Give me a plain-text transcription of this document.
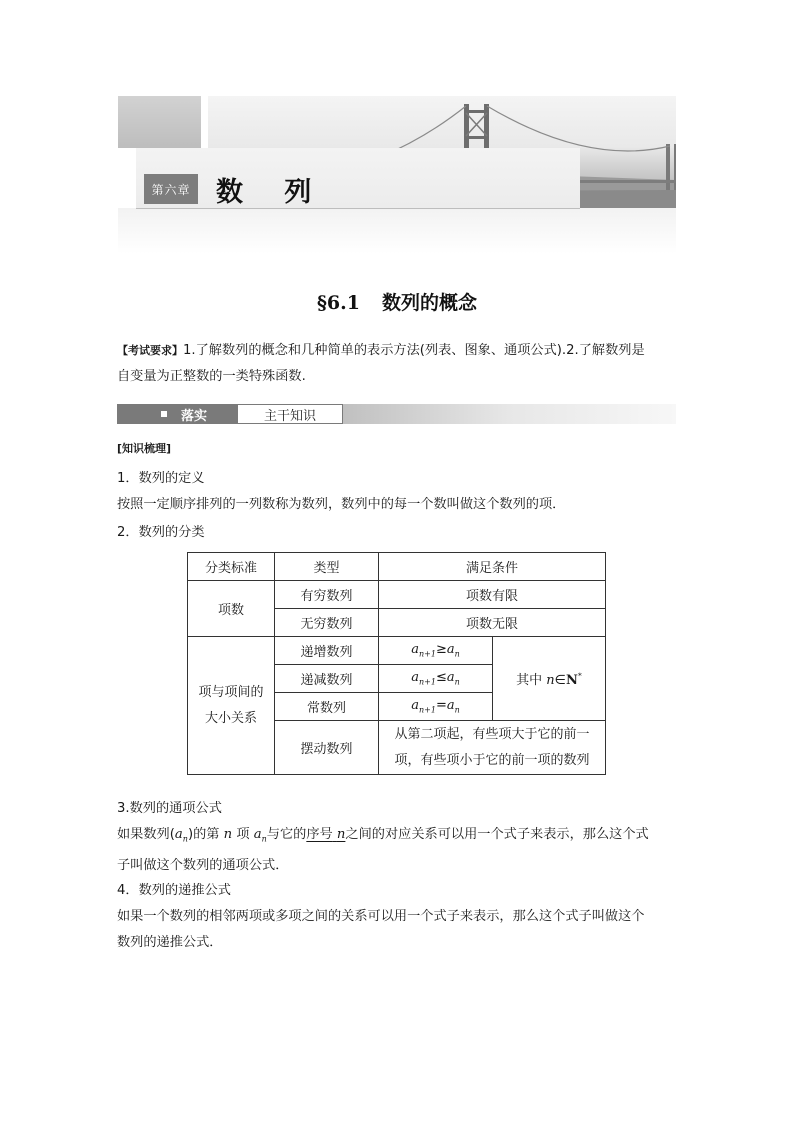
第六章 数 列
§6.1 数列的概念
【考试要求】1.了解数列的概念和几种简单的表示方法(列表、图象、通项公式).2.了解数列是
自变量为正整数的一类特殊函数.
落实	主干知识
[知识梳理]
1．数列的定义
按照一定顺序排列的一列数称为数列，数列中的每一个数叫做这个数列的项．
2．数列的分类
分类标准	类型	满足条件	
项数	有穷数列	项数有限	
	无穷数列	项数无限	
项与项间的
大小关系	递增数列	$a_{n+1}\ge a_n$	其中 n∈N*
	递减数列	$a_{n+1}\le a_n$
	常数列	$a_{n+1}=a_n$
	摆动数列	从第二项起，有些项大于它的前一
项，有些项小于它的前一项的数列	
3.数列的通项公式
如果数列$(a_n)$的第 n 项 $a_n$与它的序号 n之间的对应关系可以用一个式子来表示，那么这个式
子叫做这个数列的通项公式．
4．数列的递推公式
如果一个数列的相邻两项或多项之间的关系可以用一个式子来表示，那么这个式子叫做这个
数列的递推公式．
